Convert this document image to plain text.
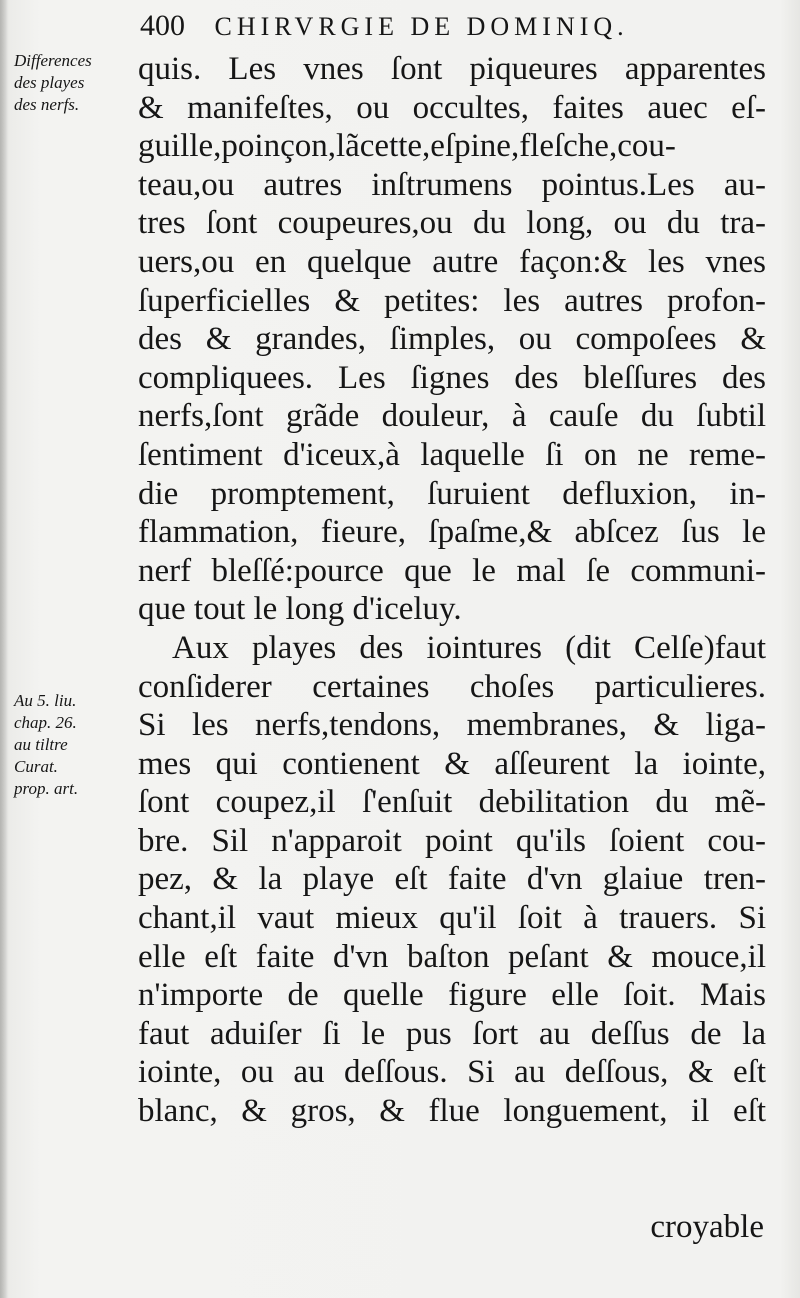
400 CHIRVRGIE DE DOMINIQ.
Differences
des playes
des nerfs.
Au 5. liu.
chap. 26.
au tiltre
Curat.
prop. art.
quis. Les vnes ſont piqueures apparentes
& manifeſtes, ou occultes, faites auec eſ-
guille,poinçon,lãcette,eſpine,fleſche,cou-
teau,ou autres inſtrumens pointus.Les au-
tres ſont coupeures,ou du long, ou du tra-
uers,ou en quelque autre façon:& les vnes
ſuperficielles & petites: les autres profon-
des & grandes, ſimples, ou compoſees &
compliquees. Les ſignes des bleſſures des
nerfs,ſont grãde douleur, à cauſe du ſubtil
ſentiment d'iceux,à laquelle ſi on ne reme-
die promptement, ſuruient defluxion, in-
flammation, fieure, ſpaſme,& abſcez ſus le
nerf bleſſé:pource que le mal ſe communi-
que tout le long d'iceluy.
Aux playes des iointures (dit Celſe)faut
conſiderer certaines choſes particulieres.
Si les nerfs,tendons, membranes, & liga-
mes qui contienent & aſſeurent la iointe,
ſont coupez,il ſ'enſuit debilitation du mẽ-
bre. Sil n'apparoit point qu'ils ſoient cou-
pez, & la playe eſt faite d'vn glaiue tren-
chant,il vaut mieux qu'il ſoit à trauers. Si
elle eſt faite d'vn baſton peſant & mouce,il
n'importe de quelle figure elle ſoit. Mais
faut aduiſer ſi le pus ſort au deſſus de la
iointe, ou au deſſous. Si au deſſous, & eſt
blanc, & gros, & flue longuement, il eſt
croyable
